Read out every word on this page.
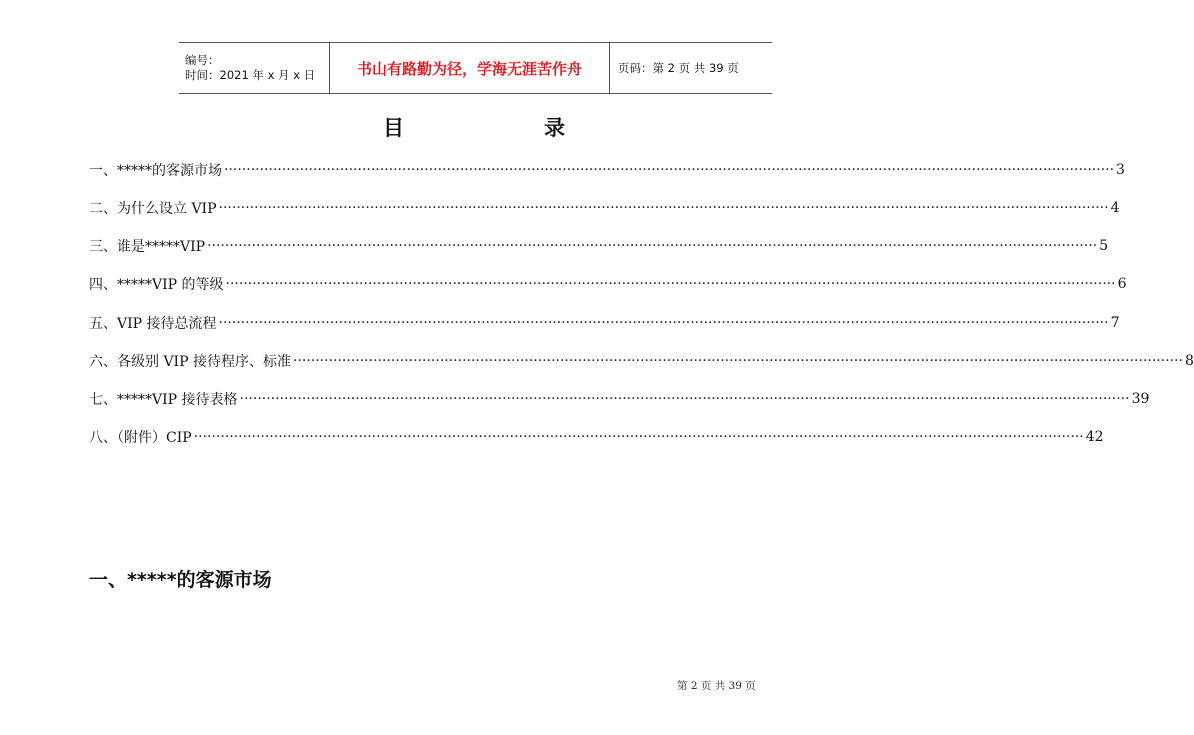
编号：
时间：2021 年 x 月 x 日	书山有路勤为径，学海无涯苦作舟	页码：第 2 页 共 39 页
目	录
一、*****的客源市场 ········································································································································································································ 3
二、为什么设立 VIP ········································································································································································································ 4
三、谁是*****VIP ········································································································································································································ 5
四、*****VIP 的等级 ········································································································································································································ 6
五、VIP 接待总流程 ········································································································································································································ 7
六、各级别 VIP 接待程序、标准 ········································································································································································································ 8
七、*****VIP 接待表格 ········································································································································································································ 39
八、（附件）CIP ········································································································································································································ 42
一、*****的客源市场
第 2 页 共 39 页
